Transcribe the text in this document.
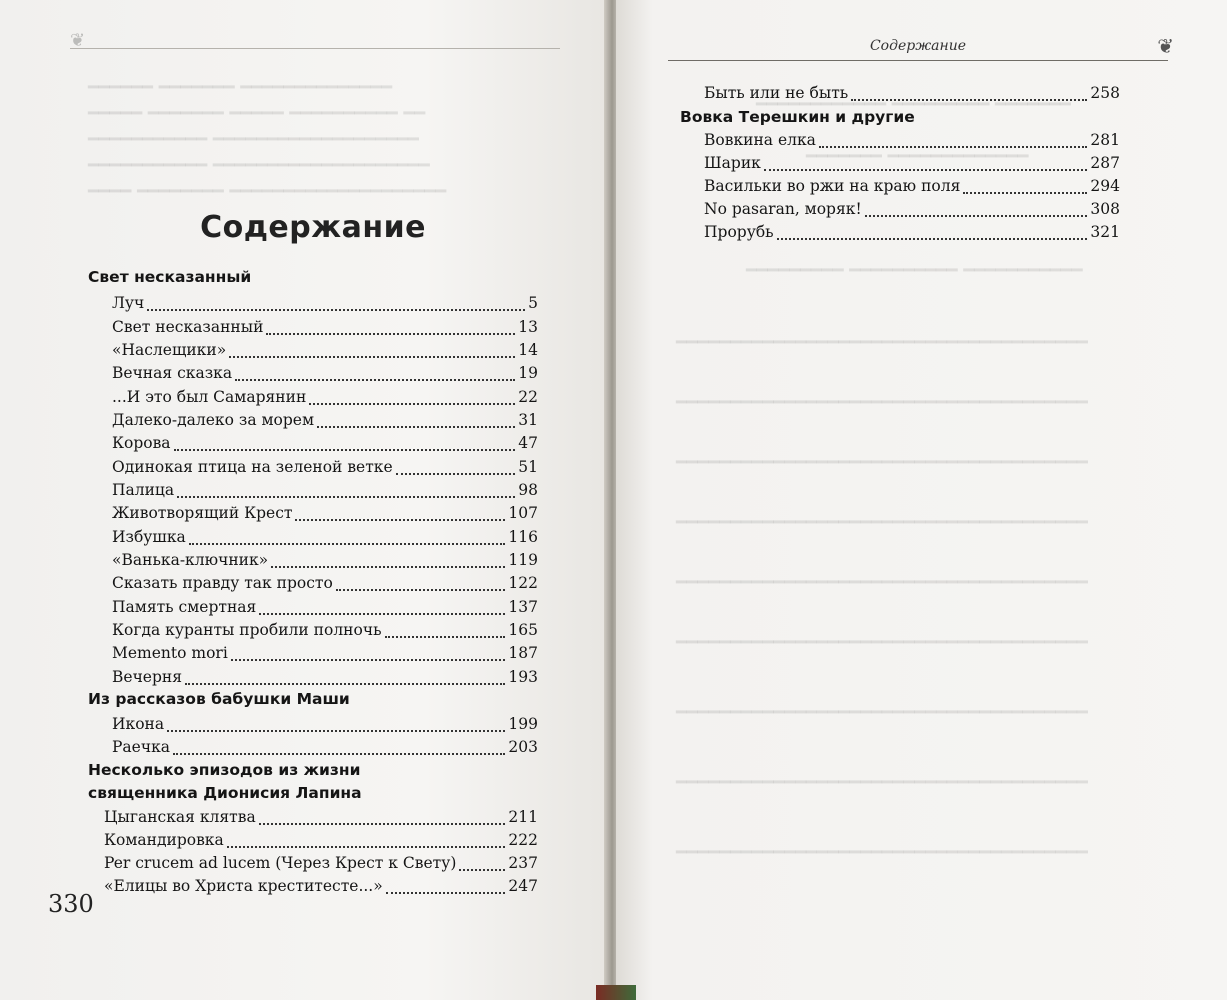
━━━━━━ ━━━━━━━ ━━━━━━━━━━━━━━
━━━━━ ━━━━━━━ ━━━━━ ━━━━━━━━━━ ━━
━━━━━━━━━━━ ━━━━━━━━━━━━━━━━━━━
━━━━━━━━━━━ ━━━━━━━━━━━━━━━━━━━━
━━━━ ━━━━━━━━ ━━━━━━━━━━━━━━━━━━━━
❦
Содержание
Свет несказанный
Луч	5
Свет несказанный	13
«Наслещики»	14
Вечная сказка	19
...И это был Самарянин	22
Далеко-далеко за морем	31
Корова	47
Одинокая птица на зеленой ветке	51
Палица	98
Животворящий Крест	107
Избушка	116
«Ванька-ключник»	119
Сказать правду так просто	122
Память смертная	137
Когда куранты пробили полночь	165
Memento mori	187
Вечерня	193
Из рассказов бабушки Маши
Икона	199
Раечка	203
Несколько эпизодов из жизни
священника Дионисия Лапина
Цыганская клятва	211
Командировка	222
Per crucem ad lucem (Через Крест к Свету)	237
«Елицы во Христа креститесте...»	247
330
━━━━━━━━━━━━ ━━━━━━━━━ ━━━━━━━
━━━━━━━ ━━━━━━━━━━━━━
━━━━━━━━━ ━━━━━━━━━━ ━━━━━━━━━━━
━━━━━━━━━━━━━━━━━━━━━━━━━━━━━━━━━━━━━━
━━━━━━━━━━━━━━━━━━━━━━━━━━━━━━━━━━━━━━
━━━━━━━━━━━━━━━━━━━━━━━━━━━━━━━━━━━━━━
━━━━━━━━━━━━━━━━━━━━━━━━━━━━━━━━━━━━━━
━━━━━━━━━━━━━━━━━━━━━━━━━━━━━━━━━━━━━━
━━━━━━━━━━━━━━━━━━━━━━━━━━━━━━━━━━━━━━
━━━━━━━━━━━━━━━━━━━━━━━━━━━━━━━━━━━━━━
━━━━━━━━━━━━━━━━━━━━━━━━━━━━━━━━━━━━━━
━━━━━━━━━━━━━━━━━━━━━━━━━━━━━━━━━━━━━━
Содержание	❦
Быть или не быть	258
Вовка Терешкин и другие
Вовкина елка	281
Шарик	287
Васильки во ржи на краю поля	294
No pasaran, моряк!	308
Прорубь	321
